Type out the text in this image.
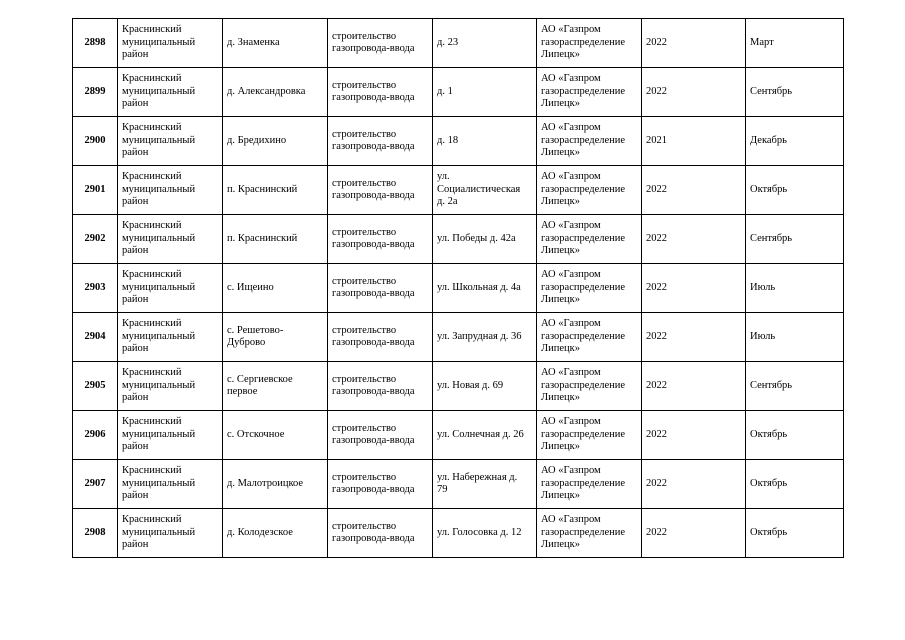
2898	Краснинский
муниципальный
район	д. Знаменка	строительство
газопровода-ввода	д. 23	АО «Газпром
газораспределение
Липецк»	2022	Март

2899	Краснинский
муниципальный
район	д. Александровка	строительство
газопровода-ввода	д. 1	АО «Газпром
газораспределение
Липецк»	2022	Сентябрь

2900	Краснинский
муниципальный
район	д. Бредихино	строительство
газопровода-ввода	д. 18	АО «Газпром
газораспределение
Липецк»	2021	Декабрь

2901	Краснинский
муниципальный
район	п. Краснинский	строительство
газопровода-ввода	ул.
Социалистическая
д. 2а	АО «Газпром
газораспределение
Липецк»	2022	Октябрь

2902	Краснинский
муниципальный
район	п. Краснинский	строительство
газопровода-ввода	ул. Победы д. 42а	АО «Газпром
газораспределение
Липецк»	2022	Сентябрь

2903	Краснинский
муниципальный
район	с. Ищеино	строительство
газопровода-ввода	ул. Школьная д. 4а	АО «Газпром
газораспределение
Липецк»	2022	Июль

2904	Краснинский
муниципальный
район	с. Решетово-
Дуброво	строительство
газопровода-ввода	ул. Запрудная д. 36	АО «Газпром
газораспределение
Липецк»	2022	Июль

2905	Краснинский
муниципальный
район	с. Сергиевское
первое	строительство
газопровода-ввода	ул. Новая д. 69	АО «Газпром
газораспределение
Липецк»	2022	Сентябрь

2906	Краснинский
муниципальный
район	с. Отскочное	строительство
газопровода-ввода	ул. Солнечная д. 26	АО «Газпром
газораспределение
Липецк»	2022	Октябрь

2907	Краснинский
муниципальный
район	д. Малотроицкое	строительство
газопровода-ввода	ул. Набережная д.
79	АО «Газпром
газораспределение
Липецк»	2022	Октябрь

2908	Краснинский
муниципальный
район	д. Колодезское	строительство
газопровода-ввода	ул. Голосовка д. 12	АО «Газпром
газораспределение
Липецк»	2022	Октябрь
